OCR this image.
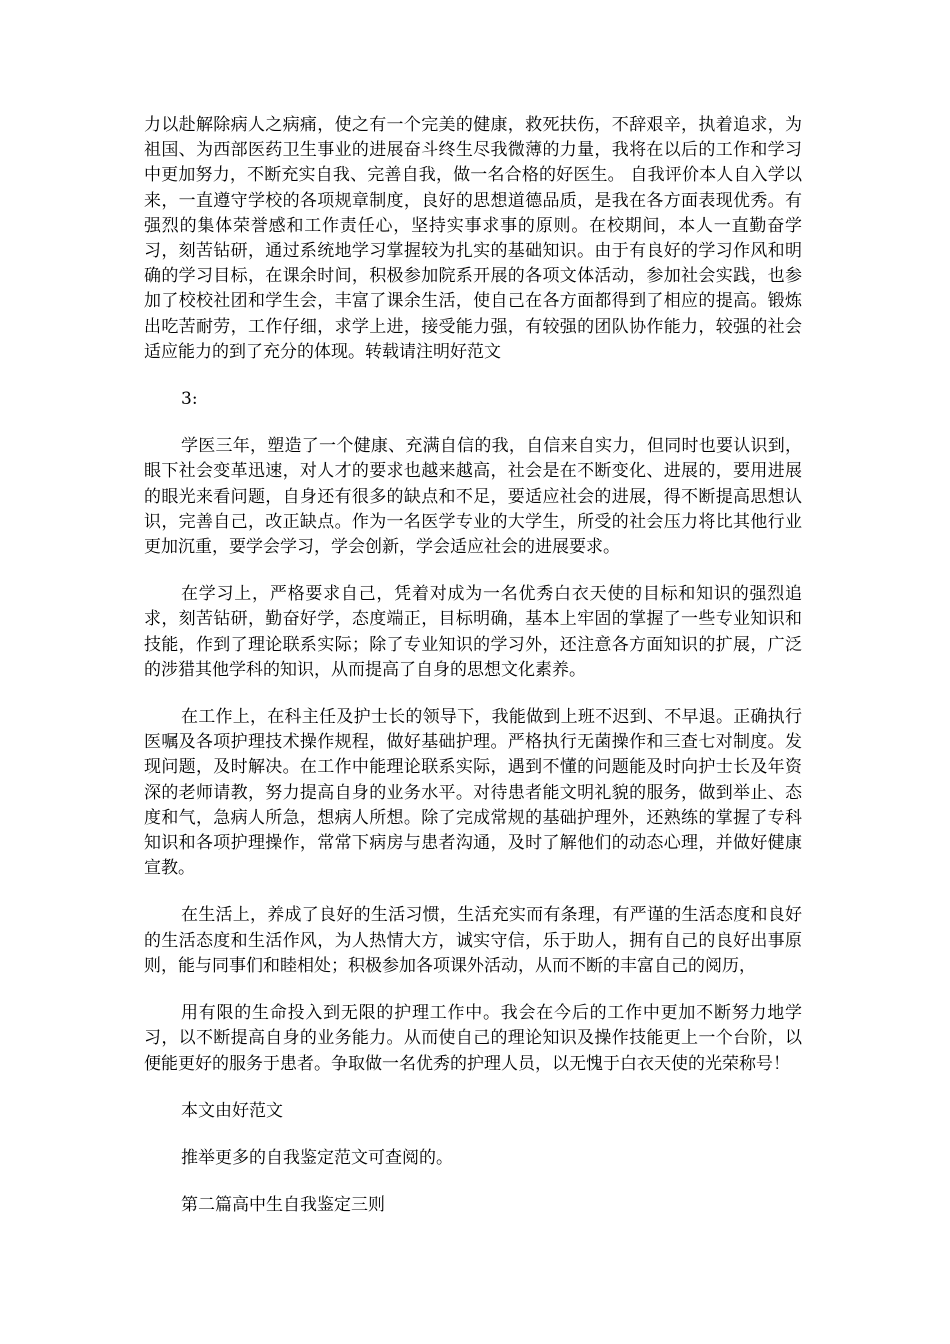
力以赴解除病人之病痛，使之有一个完美的健康，救死扶伤，不辞艰辛，执着追求，为祖国、为西部医药卫生事业的进展奋斗终生尽我微薄的力量，我将在以后的工作和学习中更加努力，不断充实自我、完善自我，做一名合格的好医生。 自我评价本人自入学以来，一直遵守学校的各项规章制度，良好的思想道德品质，是我在各方面表现优秀。有强烈的集体荣誉感和工作责任心，坚持实事求事的原则。在校期间，本人一直勤奋学习，刻苦钻研，通过系统地学习掌握较为扎实的基础知识。由于有良好的学习作风和明确的学习目标，在课余时间，积极参加院系开展的各项文体活动，参加社会实践，也参加了校校社团和学生会，丰富了课余生活，使自己在各方面都得到了相应的提高。锻炼出吃苦耐劳，工作仔细，求学上进，接受能力强，有较强的团队协作能力，较强的社会适应能力的到了充分的体现。转载请注明好范文

3:

学医三年，塑造了一个健康、充满自信的我，自信来自实力，但同时也要认识到，眼下社会变革迅速，对人才的要求也越来越高，社会是在不断变化、进展的，要用进展的眼光来看问题，自身还有很多的缺点和不足，要适应社会的进展，得不断提高思想认识，完善自己，改正缺点。作为一名医学专业的大学生，所受的社会压力将比其他行业更加沉重，要学会学习，学会创新，学会适应社会的进展要求。

在学习上，严格要求自己，凭着对成为一名优秀白衣天使的目标和知识的强烈追求，刻苦钻研，勤奋好学，态度端正，目标明确，基本上牢固的掌握了一些专业知识和技能，作到了理论联系实际；除了专业知识的学习外，还注意各方面知识的扩展，广泛的涉猎其他学科的知识，从而提高了自身的思想文化素养。

在工作上，在科主任及护士长的领导下，我能做到上班不迟到、不早退。正确执行医嘱及各项护理技术操作规程，做好基础护理。严格执行无菌操作和三查七对制度。发现问题，及时解决。在工作中能理论联系实际，遇到不懂的问题能及时向护士长及年资深的老师请教，努力提高自身的业务水平。对待患者能文明礼貌的服务，做到举止、态度和气，急病人所急，想病人所想。除了完成常规的基础护理外，还熟练的掌握了专科知识和各项护理操作，常常下病房与患者沟通，及时了解他们的动态心理，并做好健康宣教。

在生活上，养成了良好的生活习惯，生活充实而有条理，有严谨的生活态度和良好的生活态度和生活作风，为人热情大方，诚实守信，乐于助人，拥有自己的良好出事原则，能与同事们和睦相处；积极参加各项课外活动，从而不断的丰富自己的阅历，

用有限的生命投入到无限的护理工作中。我会在今后的工作中更加不断努力地学习，以不断提高自身的业务能力。从而使自己的理论知识及操作技能更上一个台阶，以便能更好的服务于患者。争取做一名优秀的护理人员，以无愧于白衣天使的光荣称号！

本文由好范文

推举更多的自我鉴定范文可查阅的。

第二篇高中生自我鉴定三则
